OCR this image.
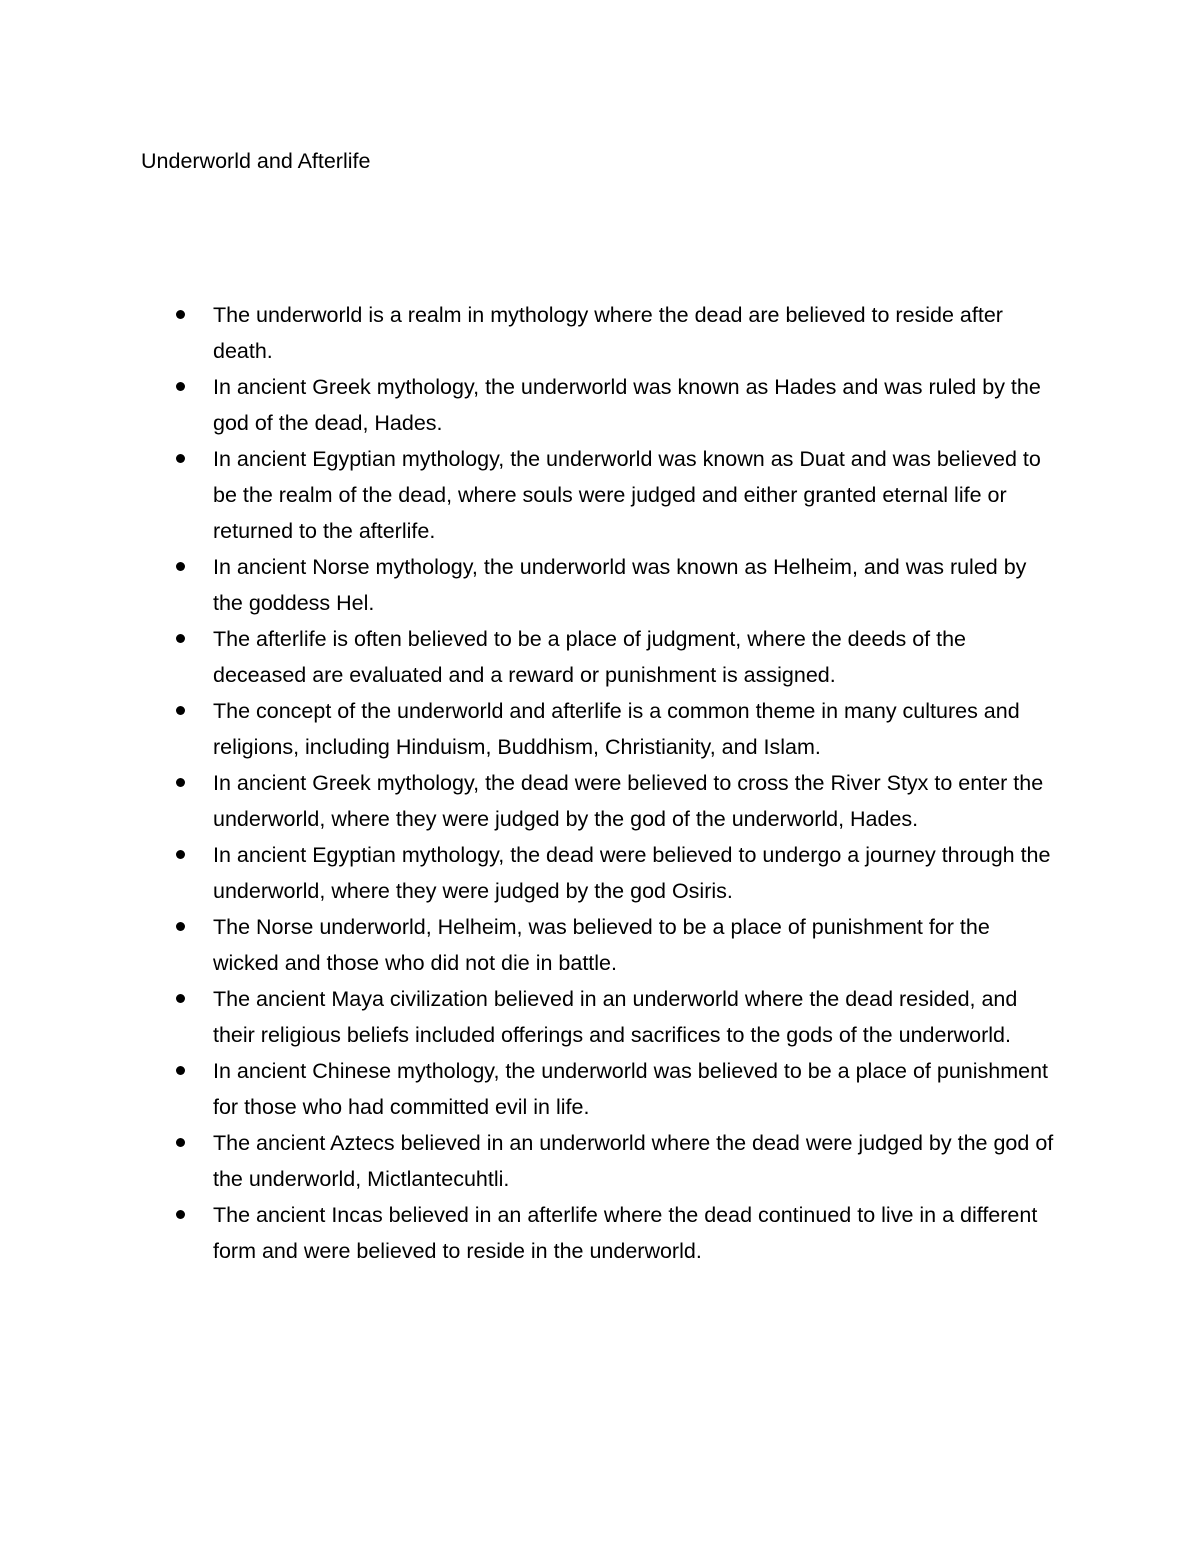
Underworld and Afterlife
The underworld is a realm in mythology where the dead are believed to reside after death.
In ancient Greek mythology, the underworld was known as Hades and was ruled by the god of the dead, Hades.
In ancient Egyptian mythology, the underworld was known as Duat and was believed to be the realm of the dead, where souls were judged and either granted eternal life or returned to the afterlife.
In ancient Norse mythology, the underworld was known as Helheim, and was ruled by the goddess Hel.
The afterlife is often believed to be a place of judgment, where the deeds of the deceased are evaluated and a reward or punishment is assigned.
The concept of the underworld and afterlife is a common theme in many cultures and religions, including Hinduism, Buddhism, Christianity, and Islam.
In ancient Greek mythology, the dead were believed to cross the River Styx to enter the underworld, where they were judged by the god of the underworld, Hades.
In ancient Egyptian mythology, the dead were believed to undergo a journey through the underworld, where they were judged by the god Osiris.
The Norse underworld, Helheim, was believed to be a place of punishment for the wicked and those who did not die in battle.
The ancient Maya civilization believed in an underworld where the dead resided, and their religious beliefs included offerings and sacrifices to the gods of the underworld.
In ancient Chinese mythology, the underworld was believed to be a place of punishment for those who had committed evil in life.
The ancient Aztecs believed in an underworld where the dead were judged by the god of the underworld, Mictlantecuhtli.
The ancient Incas believed in an afterlife where the dead continued to live in a different form and were believed to reside in the underworld.
